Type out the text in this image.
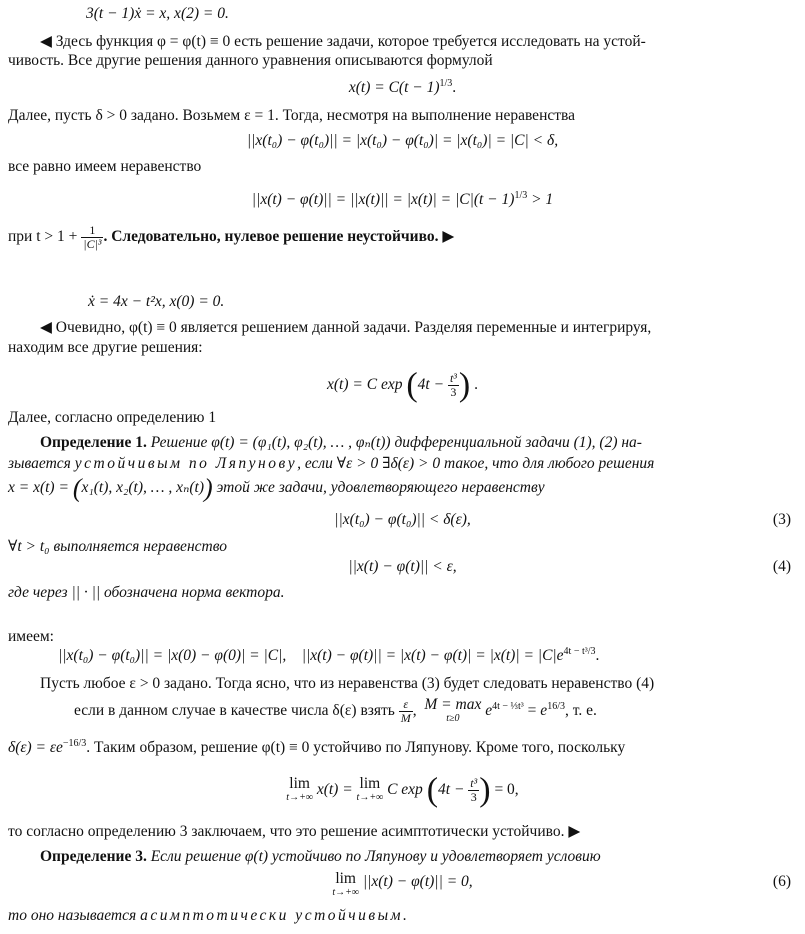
3(t − 1)ẋ = x, x(2) = 0.
◀ Здесь функция φ = φ(t) ≡ 0 есть решение задачи, которое требуется исследовать на устой-
чивость. Все другие решения данного уравнения описываются формулой
$x(t) = C(t - 1)^{1/3}$.
Далее, пусть δ > 0 задано. Возьмем ε = 1. Тогда, несмотря на выполнение неравенства
||x(t₀) − φ(t₀)|| = |x(t₀) − φ(t₀)| = |x(t₀)| = |C| < δ,
все равно имеем неравенство
$||x(t) - \varphi(t)|| = ||x(t)|| = |x(t)| = |C|(t - 1)^{1/3} > 1$
при $t > 1 + \frac{1}{\text{|C|³}}$ . Следовательно, нулевое решение неустойчиво. ▶
ẋ = 4x − t²x, x(0) = 0.
◀ Очевидно, φ(t) ≡ 0 является решением данной задачи. Разделяя переменные и интегрируя,
находим все другие решения:
x(t) = C $\exp (4t - \frac{\text{t³}}{3}$ ) .
Далее, согласно определению 1
Определение 1. Решение φ(t) = (φ₁(t), φ₂(t), … , φₙ(t)) дифференциальной задачи (1), (2) на-
зывается устойчивым по Ляпунову, если ∀ε > 0 ∃δ(ε) > 0 такое, что для любого решения
x = x(t) = (x₁(t), x₂(t), … , xₙ(t)) этой же задачи, удовлетворяющего неравенству
||x(t₀) − φ(t₀)|| < δ(ε),	(3)
∀t > t₀ выполняется неравенство
||x(t) − φ(t)|| < ε,	(4)
где через || · || обозначена норма вектора.
имеем:
||x(t₀) − φ(t₀)|| = |x(0) − φ(0)| = |C|, $||x(t) - \varphi(t)|| = |x(t) - \varphi(t)| = |x(t)| = |C|e^{4t - t^3/3}$.
Пусть любое ε > 0 задано. Тогда ясно, что из неравенства (3) будет следовать неравенство (4)
если в данном случае в качестве числа δ(ε) взять $\frac{\varepsilon}{M}$ ,  M = max
t≥0	$e^{4t - \frac{1}{3}t^3} = e^{16/3}$, т. е.
$\delta(\varepsilon) = \varepsilon e^{-16/3}$. Таким образом, решение φ(t) ≡ 0 устойчиво по Ляпунову. Кроме того, поскольку
lim
t→+∞ x(t) = lim
t→+∞ C $\exp (4t - \frac{\text{t³}}{3}$ ) = 0,
то согласно определению 3 заключаем, что это решение асимптотически устойчиво. ▶
Определение 3. Если решение φ(t) устойчиво по Ляпунову и удовлетворяет условию
lim
t→+∞
||x(t) − φ(t)|| = 0,	(6)
то оно называется асимптотически устойчивым.
